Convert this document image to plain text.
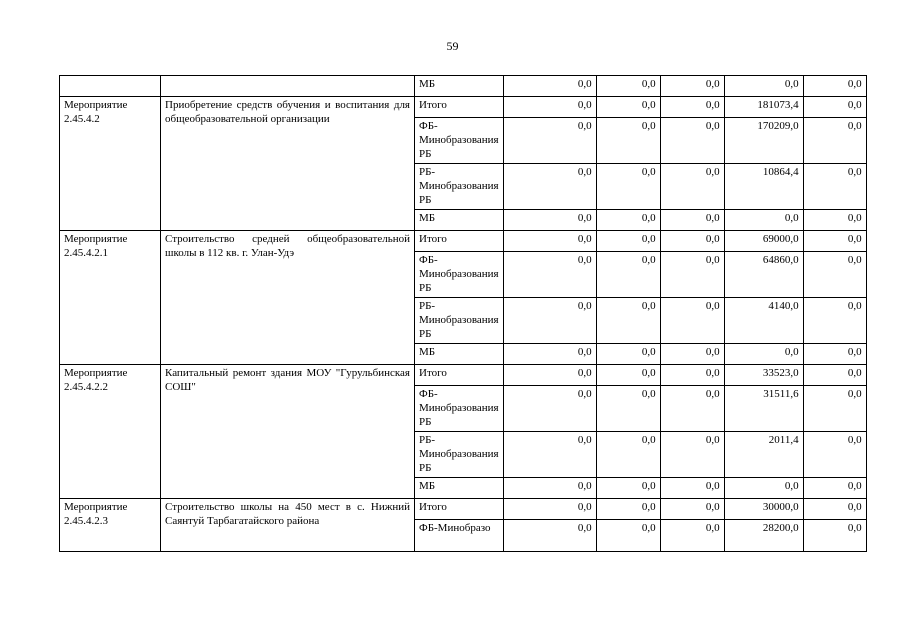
59
		МБ	0,0	0,0	0,0	0,0	0,0
Мероприятие 2.45.4.2	Приобретение средств обучения и воспитания для общеобразовательной организации	Итого	0,0	0,0	0,0	181073,4	0,0
		ФБ-Минобразования РБ	0,0	0,0	0,0	170209,0	0,0
		РБ-Минобразования РБ	0,0	0,0	0,0	10864,4	0,0
		МБ	0,0	0,0	0,0	0,0	0,0
Мероприятие 2.45.4.2.1	Строительство средней общеобразовательной школы в 112 кв. г. Улан-Удэ	Итого	0,0	0,0	0,0	69000,0	0,0
		ФБ-Минобразования РБ	0,0	0,0	0,0	64860,0	0,0
		РБ-Минобразования РБ	0,0	0,0	0,0	4140,0	0,0
		МБ	0,0	0,0	0,0	0,0	0,0
Мероприятие 2.45.4.2.2	Капитальный ремонт здания МОУ "Гурульбинская СОШ"	Итого	0,0	0,0	0,0	33523,0	0,0
		ФБ-Минобразования РБ	0,0	0,0	0,0	31511,6	0,0
		РБ-Минобразования РБ	0,0	0,0	0,0	2011,4	0,0
		МБ	0,0	0,0	0,0	0,0	0,0
Мероприятие 2.45.4.2.3	Строительство школы на 450 мест в с. Нижний Саянтуй Тарбагатайского района	Итого	0,0	0,0	0,0	30000,0	0,0
		ФБ-Минобразо	0,0	0,0	0,0	28200,0	0,0
